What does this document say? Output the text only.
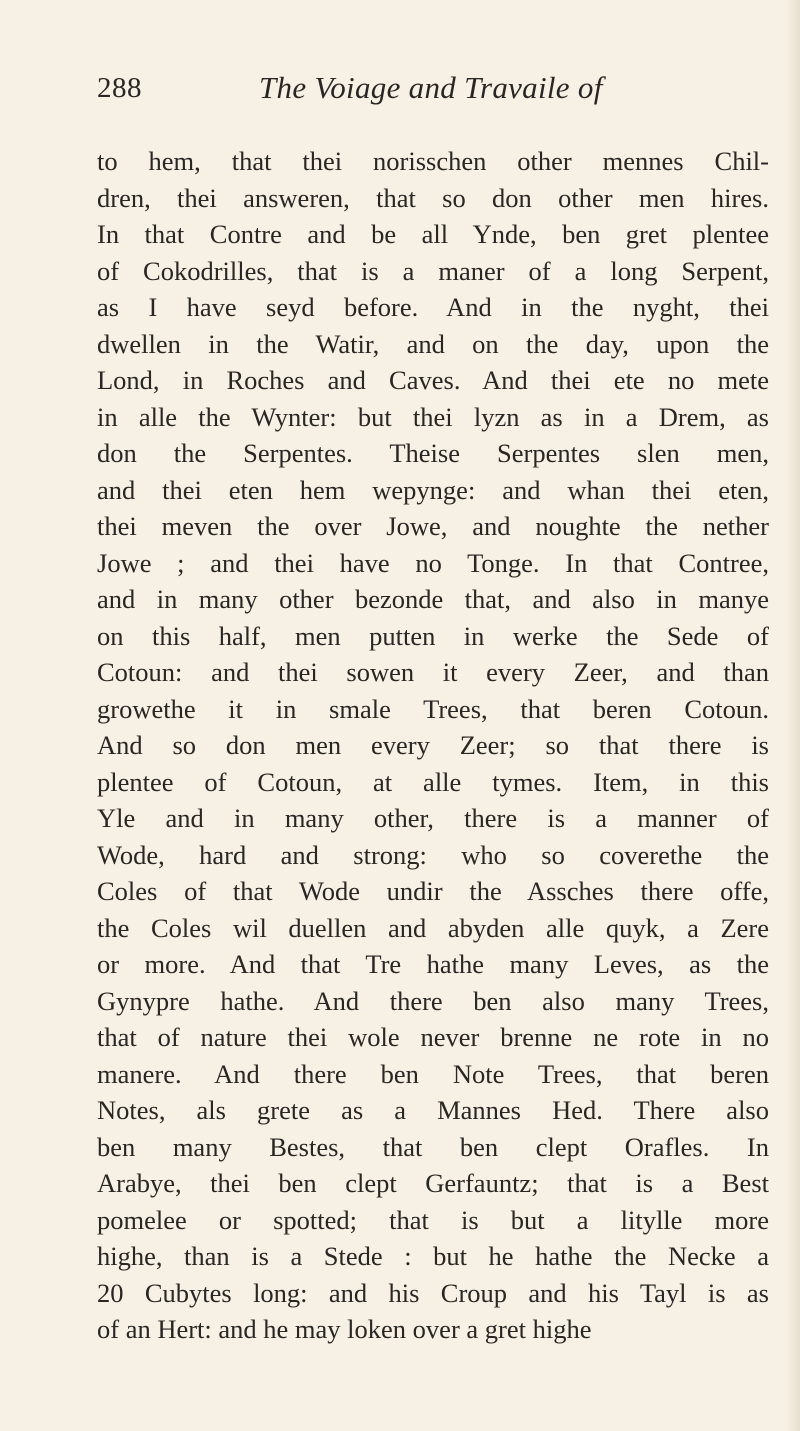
288	The Voiage and Travaile of
to hem, that thei norisschen other mennes Chil-
dren, thei answeren, that so don other men hires.
In that Contre and be all Ynde, ben gret plentee
of Cokodrilles, that is a maner of a long Serpent,
as I have seyd before. And in the nyght, thei
dwellen in the Watir, and on the day, upon the
Lond, in Roches and Caves. And thei ete no mete
in alle the Wynter: but thei lyzn as in a Drem, as
don the Serpentes. Theise Serpentes slen men,
and thei eten hem wepynge: and whan thei eten,
thei meven the over Jowe, and noughte the nether
Jowe ; and thei have no Tonge. In that Contree,
and in many other bezonde that, and also in manye
on this half, men putten in werke the Sede of
Cotoun: and thei sowen it every Zeer, and than
growethe it in smale Trees, that beren Cotoun.
And so don men every Zeer; so that there is
plentee of Cotoun, at alle tymes. Item, in this
Yle and in many other, there is a manner of
Wode, hard and strong: who so coverethe the
Coles of that Wode undir the Assches there offe,
the Coles wil duellen and abyden alle quyk, a Zere
or more. And that Tre hathe many Leves, as the
Gynypre hathe. And there ben also many Trees,
that of nature thei wole never brenne ne rote in no
manere. And there ben Note Trees, that beren
Notes, als grete as a Mannes Hed. There also
ben many Bestes, that ben clept Orafles. In
Arabye, thei ben clept Gerfauntz; that is a Best
pomelee or spotted; that is but a litylle more
highe, than is a Stede : but he hathe the Necke a
20 Cubytes long: and his Croup and his Tayl is as
of an Hert: and he may loken over a gret highe
